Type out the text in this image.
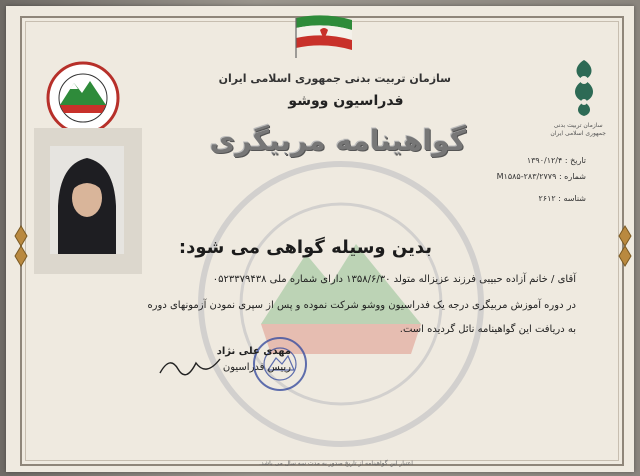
سازمان تربیت بدنی جمهوری اسلامی ایران
فدراسیون ووشو
گواهینامه مربیگری	سازمان تربیت بدنی
جمهوری اسلامی ایران
تاریخ : ۱۳۹۰/۱۲/۴
شماره : M۱۵۸۵-۲۸۳/۲۷۷۹
شناسه : ۲۶۱۲
بدین وسیله گواهی می شود:
آقای / خانم آزاده حبیبی فرزند عزیزاله متولد ۱۳۵۸/۶/۳۰ دارای شماره ملی ۰۵۲۳۳۷۹۴۳۸
در دوره آموزش مربیگری درجه یک فدراسیون ووشو شرکت نموده و پس از سپری نمودن آزمونهای دوره
به دریافت این گواهینامه نائل گردیده است.
مهدی علی نژاد
رییس فدراسیون
اعتبار این گواهینامه از تاریخ صدور به مدت سه سال می باشد.
